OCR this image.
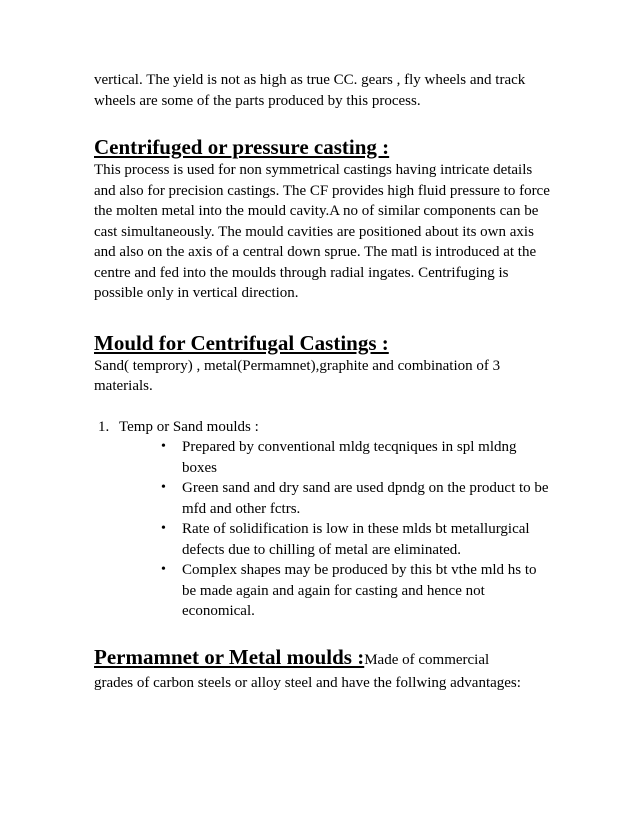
vertical. The yield is not as high as true CC. gears , fly wheels and track wheels are some of the parts produced by this process.

Centrifuged or pressure casting :

This process is used for non symmetrical castings having intricate details and also for precision castings. The CF provides high fluid pressure to force the molten metal into the mould cavity.A no of similar components can be cast simultaneously. The mould cavities are positioned about its own axis and also on the axis of a central down sprue. The matl is introduced at the centre and fed into the moulds through radial ingates. Centrifuging is possible only in vertical direction.

Mould for Centrifugal Castings :

Sand( temprory) , metal(Permamnet),graphite and combination of 3 materials.

1. Temp or Sand moulds :
• Prepared by conventional mldg tecqniques in spl mldng boxes
• Green sand and dry sand are used dpndg on the product to be mfd and other fctrs.
• Rate of solidification is low in these mlds bt metallurgical defects due to chilling of metal are eliminated.
• Complex shapes may be produced by this bt vthe mld hs to be made again and again for casting and hence not economical.

Permamnet or Metal moulds :Made of commercial

grades of carbon steels or alloy steel and have the follwing advantages:
